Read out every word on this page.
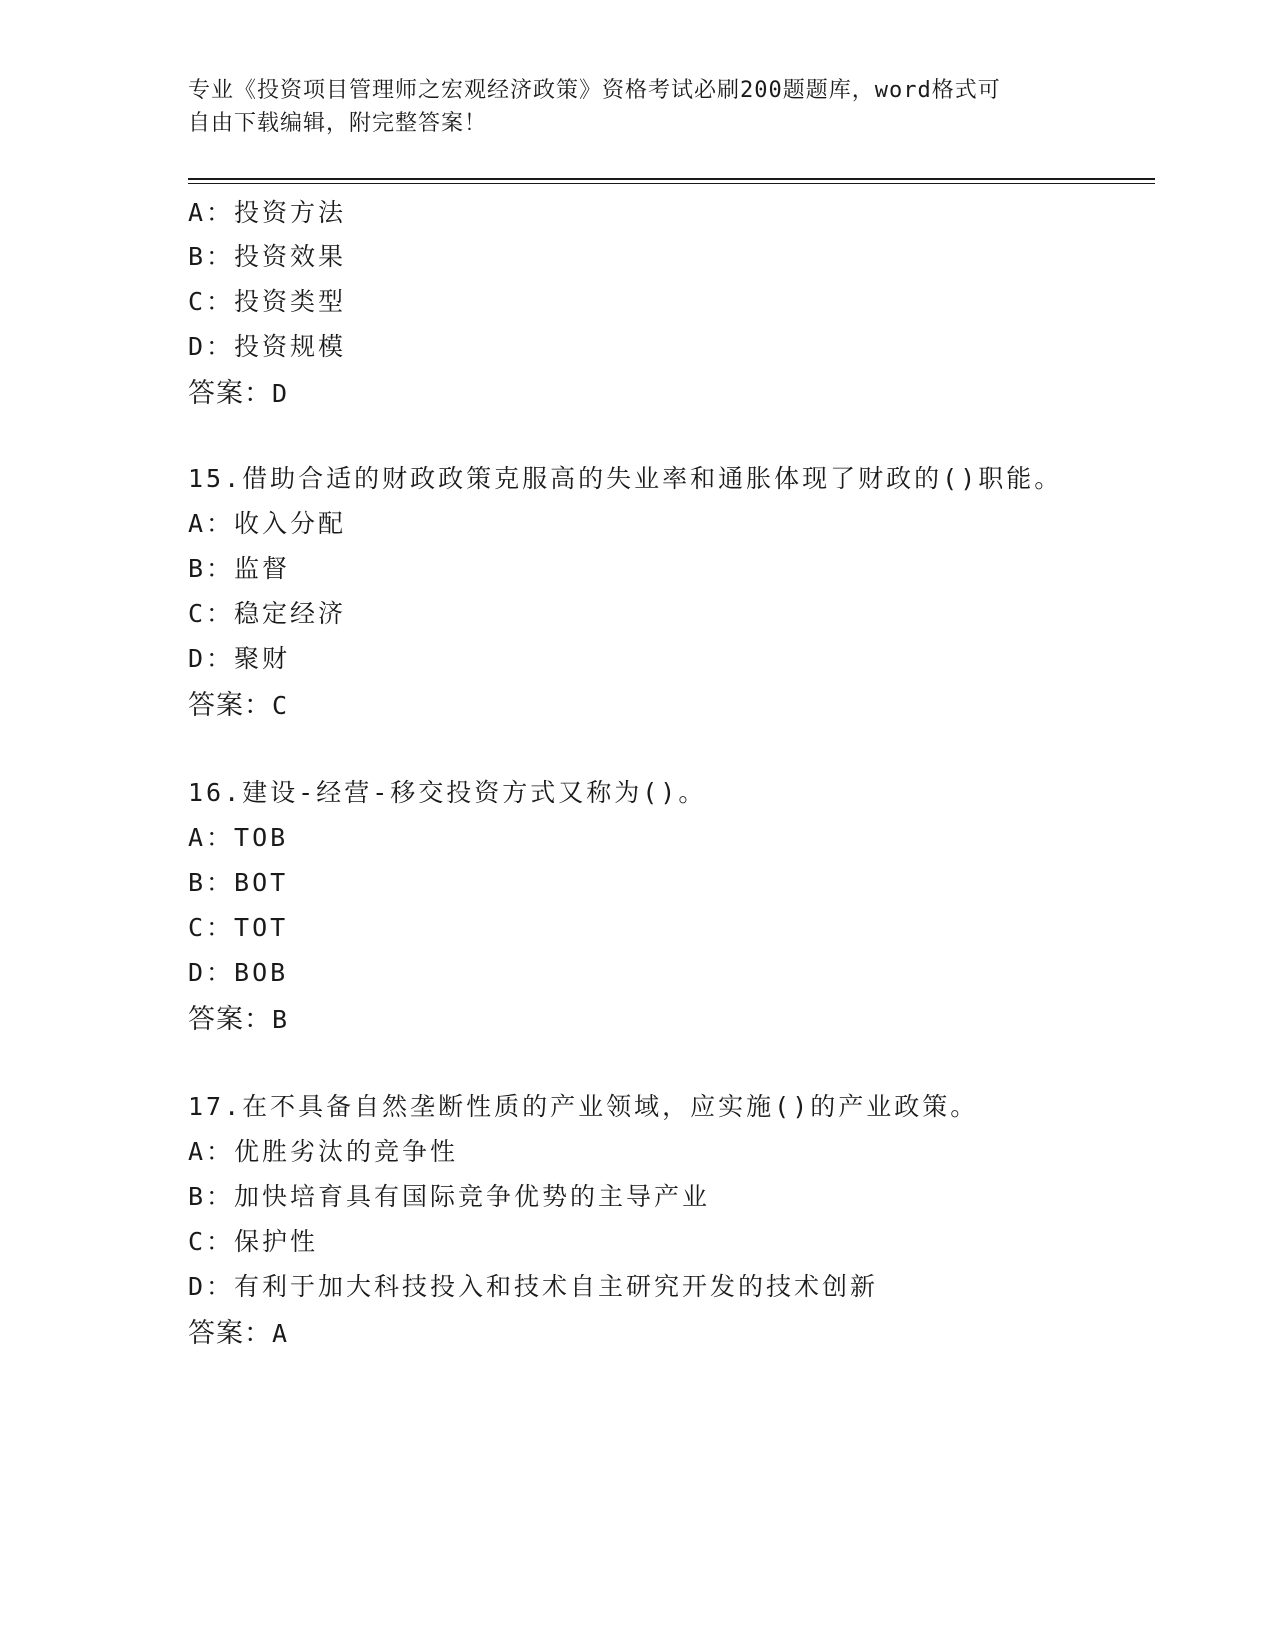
专业《投资项目管理师之宏观经济政策》资格考试必刷200题题库，word格式可
自由下载编辑，附完整答案！
A：投资方法
B：投资效果
C：投资类型
D：投资规模
答案：D
15.借助合适的财政政策克服高的失业率和通胀体现了财政的()职能。
A：收入分配
B：监督
C：稳定经济
D：聚财
答案：C
16.建设-经营-移交投资方式又称为()。
A：TOB
B：BOT
C：TOT
D：BOB
答案：B
17.在不具备自然垄断性质的产业领域，应实施()的产业政策。
A：优胜劣汰的竞争性
B：加快培育具有国际竞争优势的主导产业
C：保护性
D：有利于加大科技投入和技术自主研究开发的技术创新
答案：A
